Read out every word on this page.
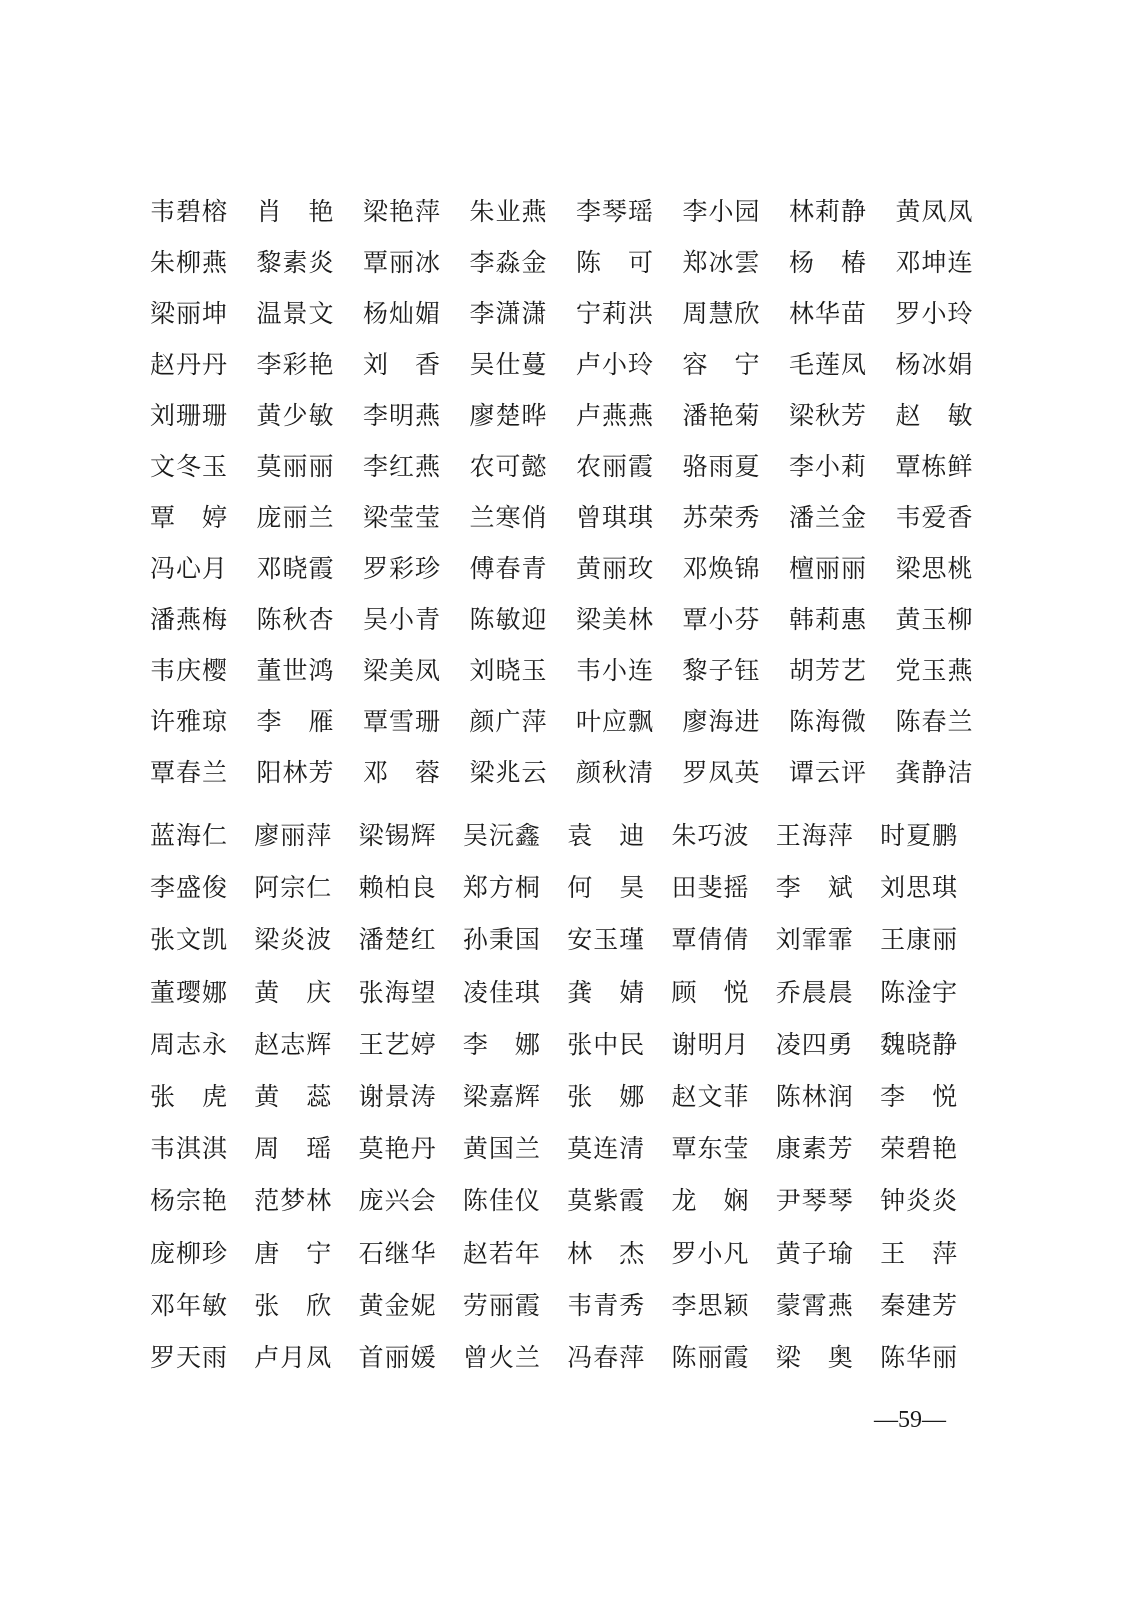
韦碧榕	肖　艳	梁艳萍	朱业燕	李琴瑶	李小园	林莉静	黄凤凤
朱柳燕	黎素炎	覃丽冰	李淼金	陈　可	郑冰雲	杨　椿	邓坤连
梁丽坤	温景文	杨灿媚	李潇潇	宁莉洪	周慧欣	林华苗	罗小玲
赵丹丹	李彩艳	刘　香	吴仕蔓	卢小玲	容　宁	毛莲凤	杨冰娟
刘珊珊	黄少敏	李明燕	廖楚晔	卢燕燕	潘艳菊	梁秋芳	赵　敏
文冬玉	莫丽丽	李红燕	农可懿	农丽霞	骆雨夏	李小莉	覃栋鲜
覃　婷	庞丽兰	梁莹莹	兰寒俏	曾琪琪	苏荣秀	潘兰金	韦爱香
冯心月	邓晓霞	罗彩珍	傅春青	黄丽玫	邓焕锦	檀丽丽	梁思桃
潘燕梅	陈秋杏	吴小青	陈敏迎	梁美林	覃小芬	韩莉惠	黄玉柳
韦庆樱	董世鸿	梁美凤	刘晓玉	韦小连	黎子钰	胡芳艺	党玉燕
许雅琼	李　雁	覃雪珊	颜广萍	叶应飘	廖海进	陈海微	陈春兰
覃春兰	阳林芳	邓　蓉	梁兆云	颜秋清	罗凤英	谭云评	龚静洁
蓝海仁	廖丽萍	梁锡辉	吴沅鑫	袁　迪	朱巧波	王海萍	时夏鹏
李盛俊	阿宗仁	赖柏良	郑方桐	何　昊	田斐摇	李　斌	刘思琪
张文凯	梁炎波	潘楚红	孙秉国	安玉瑾	覃倩倩	刘霏霏	王康丽
董璎娜	黄　庆	张海望	凌佳琪	龚　婧	顾　悦	乔晨晨	陈淦宇
周志永	赵志辉	王艺婷	李　娜	张中民	谢明月	凌四勇	魏晓静
张　虎	黄　蕊	谢景涛	梁嘉辉	张　娜	赵文菲	陈林润	李　悦
韦淇淇	周　瑶	莫艳丹	黄国兰	莫连清	覃东莹	康素芳	荣碧艳
杨宗艳	范梦林	庞兴会	陈佳仪	莫紫霞	龙　娴	尹琴琴	钟炎炎
庞柳珍	唐　宁	石继华	赵若年	林　杰	罗小凡	黄子瑜	王　萍
邓年敏	张　欣	黄金妮	劳丽霞	韦青秀	李思颖	蒙霄燕	秦建芳
罗天雨	卢月凤	首丽媛	曾火兰	冯春萍	陈丽霞	梁　奥	陈华丽
—59—
